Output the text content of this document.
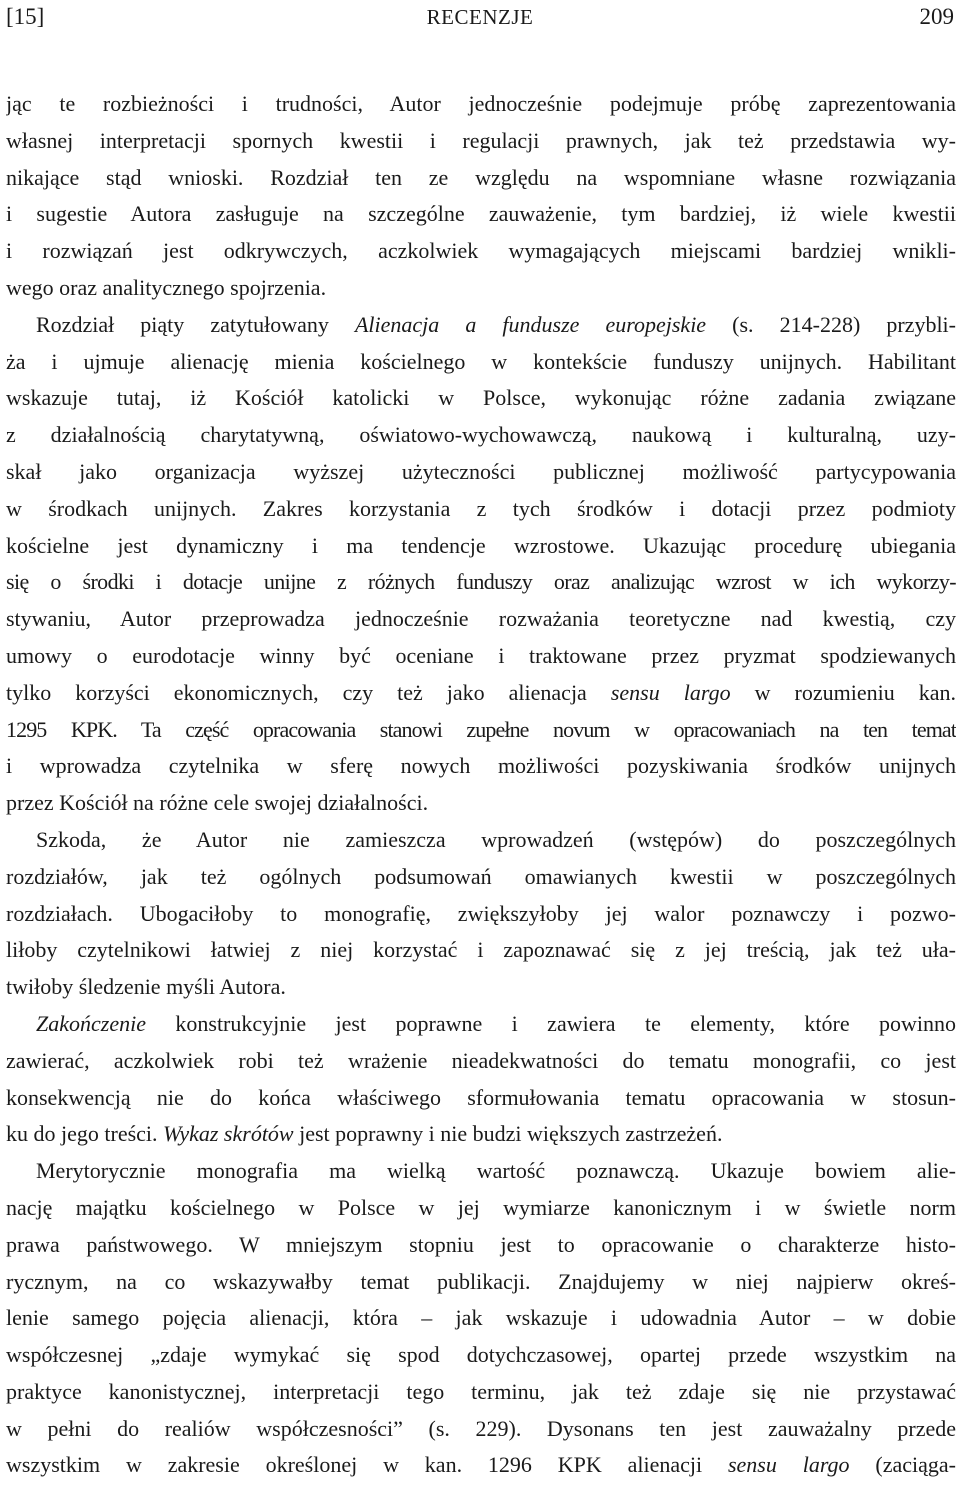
[15]	RECENZJE	209
jąc te rozbieżności i trudności, Autor jednocześnie podejmuje próbę zaprezentowania
własnej interpretacji spornych kwestii i regulacji prawnych, jak też przedstawia wy-
nikające stąd wnioski. Rozdział ten ze względu na wspomniane własne rozwiązania
i sugestie Autora zasługuje na szczególne zauważenie, tym bardziej, iż wiele kwestii
i rozwiązań jest odkrywczych, aczkolwiek wymagających miejscami bardziej wnikli-
wego oraz analitycznego spojrzenia.
Rozdział piąty zatytułowany Alienacja a fundusze europejskie (s. 214-228) przybli-
ża i ujmuje alienację mienia kościelnego w kontekście funduszy unijnych. Habilitant
wskazuje tutaj, iż Kościół katolicki w Polsce, wykonując różne zadania związane
z działalnością charytatywną, oświatowo-wychowawczą, naukową i kulturalną, uzy-
skał jako organizacja wyższej użyteczności publicznej możliwość partycypowania
w środkach unijnych. Zakres korzystania z tych środków i dotacji przez podmioty
kościelne jest dynamiczny i ma tendencje wzrostowe. Ukazując procedurę ubiegania
się o środki i dotacje unijne z różnych funduszy oraz analizując wzrost w ich wykorzy-
stywaniu, Autor przeprowadza jednocześnie rozważania teoretyczne nad kwestią, czy
umowy o eurodotacje winny być oceniane i traktowane przez pryzmat spodziewanych
tylko korzyści ekonomicznych, czy też jako alienacja sensu largo w rozumieniu kan.
1295 KPK. Ta część opracowania stanowi zupełne novum w opracowaniach na ten temat
i wprowadza czytelnika w sferę nowych możliwości pozyskiwania środków unijnych
przez Kościół na różne cele swojej działalności.
Szkoda, że Autor nie zamieszcza wprowadzeń (wstępów) do poszczególnych
rozdziałów, jak też ogólnych podsumowań omawianych kwestii w poszczególnych
rozdziałach. Ubogaciłoby to monografię, zwiększyłoby jej walor poznawczy i pozwo-
liłoby czytelnikowi łatwiej z niej korzystać i zapoznawać się z jej treścią, jak też uła-
twiłoby śledzenie myśli Autora.
Zakończenie konstrukcyjnie jest poprawne i zawiera te elementy, które powinno
zawierać, aczkolwiek robi też wrażenie nieadekwatności do tematu monografii, co jest
konsekwencją nie do końca właściwego sformułowania tematu opracowania w stosun-
ku do jego treści. Wykaz skrótów jest poprawny i nie budzi większych zastrzeżeń.
Merytorycznie monografia ma wielką wartość poznawczą. Ukazuje bowiem alie-
nację majątku kościelnego w Polsce w jej wymiarze kanonicznym i w świetle norm
prawa państwowego. W mniejszym stopniu jest to opracowanie o charakterze histo-
rycznym, na co wskazywałby temat publikacji. Znajdujemy w niej najpierw okreś-
lenie samego pojęcia alienacji, która – jak wskazuje i udowadnia Autor – w dobie
współczesnej „zdaje wymykać się spod dotychczasowej, opartej przede wszystkim na
praktyce kanonistycznej, interpretacji tego terminu, jak też zdaje się nie przystawać
w pełni do realiów współczesności” (s. 229). Dysonans ten jest zauważalny przede
wszystkim w zakresie określonej w kan. 1296 KPK alienacji sensu largo (zaciąga-
